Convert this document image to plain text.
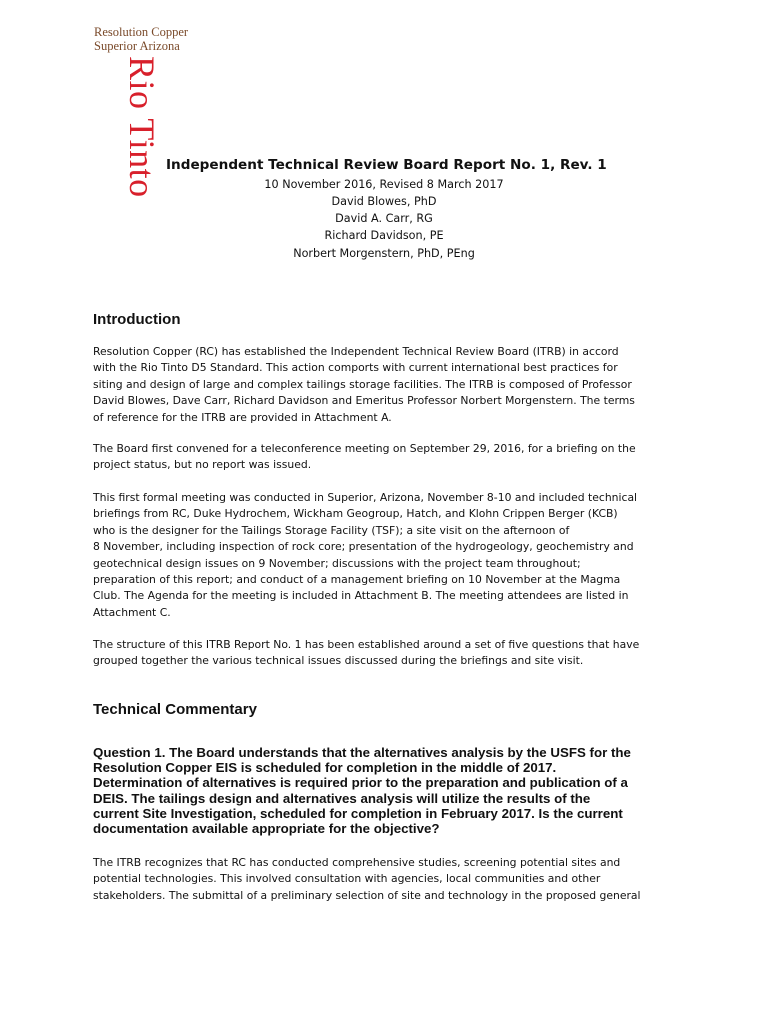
Resolution Copper
Superior Arizona
Rio Tinto Independent Technical Review Board Report No. 1, Rev. 1
10 November 2016, Revised 8 March 2017
David Blowes, PhD
David A. Carr, RG
Richard Davidson, PE
Norbert Morgenstern, PhD, PEng
Introduction
Resolution Copper (RC) has established the Independent Technical Review Board (ITRB) in accord
with the Rio Tinto D5 Standard. This action comports with current international best practices for
siting and design of large and complex tailings storage facilities. The ITRB is composed of Professor
David Blowes, Dave Carr, Richard Davidson and Emeritus Professor Norbert Morgenstern. The terms
of reference for the ITRB are provided in Attachment A.
The Board first convened for a teleconference meeting on September 29, 2016, for a briefing on the
project status, but no report was issued.
This first formal meeting was conducted in Superior, Arizona, November 8-10 and included technical
briefings from RC, Duke Hydrochem, Wickham Geogroup, Hatch, and Klohn Crippen Berger (KCB)
who is the designer for the Tailings Storage Facility (TSF); a site visit on the afternoon of
8 November, including inspection of rock core; presentation of the hydrogeology, geochemistry and
geotechnical design issues on 9 November; discussions with the project team throughout;
preparation of this report; and conduct of a management briefing on 10 November at the Magma
Club. The Agenda for the meeting is included in Attachment B. The meeting attendees are listed in
Attachment C.
The structure of this ITRB Report No. 1 has been established around a set of five questions that have
grouped together the various technical issues discussed during the briefings and site visit.
Technical Commentary
Question 1. The Board understands that the alternatives analysis by the USFS for the
Resolution Copper EIS is scheduled for completion in the middle of 2017.
Determination of alternatives is required prior to the preparation and publication of a
DEIS. The tailings design and alternatives analysis will utilize the results of the
current Site Investigation, scheduled for completion in February 2017. Is the current
documentation available appropriate for the objective?
The ITRB recognizes that RC has conducted comprehensive studies, screening potential sites and
potential technologies. This involved consultation with agencies, local communities and other
stakeholders. The submittal of a preliminary selection of site and technology in the proposed general
